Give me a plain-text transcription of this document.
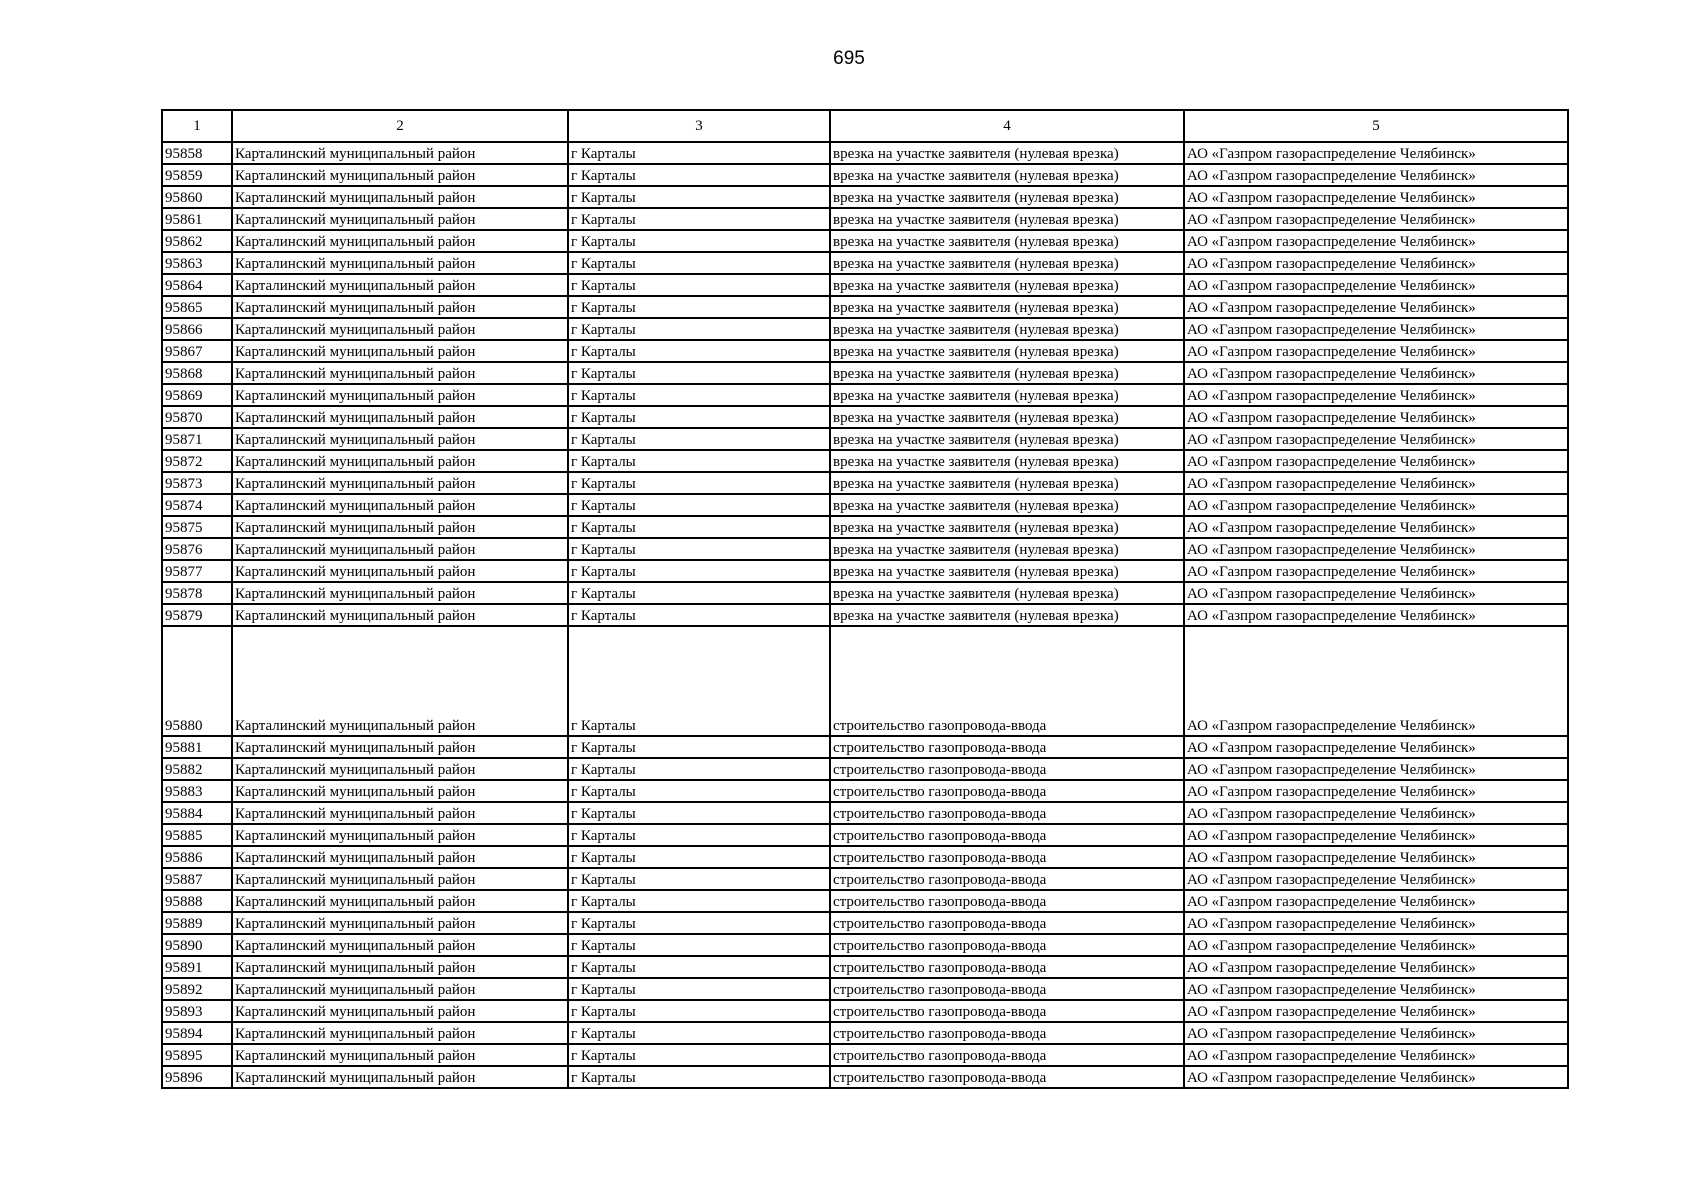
695
1	2	3	4	5
95858	Карталинский муниципальный район	г Карталы	врезка на участке заявителя (нулевая врезка)	АО «Газпром газораспределение Челябинск»
95859	Карталинский муниципальный район	г Карталы	врезка на участке заявителя (нулевая врезка)	АО «Газпром газораспределение Челябинск»
95860	Карталинский муниципальный район	г Карталы	врезка на участке заявителя (нулевая врезка)	АО «Газпром газораспределение Челябинск»
95861	Карталинский муниципальный район	г Карталы	врезка на участке заявителя (нулевая врезка)	АО «Газпром газораспределение Челябинск»
95862	Карталинский муниципальный район	г Карталы	врезка на участке заявителя (нулевая врезка)	АО «Газпром газораспределение Челябинск»
95863	Карталинский муниципальный район	г Карталы	врезка на участке заявителя (нулевая врезка)	АО «Газпром газораспределение Челябинск»
95864	Карталинский муниципальный район	г Карталы	врезка на участке заявителя (нулевая врезка)	АО «Газпром газораспределение Челябинск»
95865	Карталинский муниципальный район	г Карталы	врезка на участке заявителя (нулевая врезка)	АО «Газпром газораспределение Челябинск»
95866	Карталинский муниципальный район	г Карталы	врезка на участке заявителя (нулевая врезка)	АО «Газпром газораспределение Челябинск»
95867	Карталинский муниципальный район	г Карталы	врезка на участке заявителя (нулевая врезка)	АО «Газпром газораспределение Челябинск»
95868	Карталинский муниципальный район	г Карталы	врезка на участке заявителя (нулевая врезка)	АО «Газпром газораспределение Челябинск»
95869	Карталинский муниципальный район	г Карталы	врезка на участке заявителя (нулевая врезка)	АО «Газпром газораспределение Челябинск»
95870	Карталинский муниципальный район	г Карталы	врезка на участке заявителя (нулевая врезка)	АО «Газпром газораспределение Челябинск»
95871	Карталинский муниципальный район	г Карталы	врезка на участке заявителя (нулевая врезка)	АО «Газпром газораспределение Челябинск»
95872	Карталинский муниципальный район	г Карталы	врезка на участке заявителя (нулевая врезка)	АО «Газпром газораспределение Челябинск»
95873	Карталинский муниципальный район	г Карталы	врезка на участке заявителя (нулевая врезка)	АО «Газпром газораспределение Челябинск»
95874	Карталинский муниципальный район	г Карталы	врезка на участке заявителя (нулевая врезка)	АО «Газпром газораспределение Челябинск»
95875	Карталинский муниципальный район	г Карталы	врезка на участке заявителя (нулевая врезка)	АО «Газпром газораспределение Челябинск»
95876	Карталинский муниципальный район	г Карталы	врезка на участке заявителя (нулевая врезка)	АО «Газпром газораспределение Челябинск»
95877	Карталинский муниципальный район	г Карталы	врезка на участке заявителя (нулевая врезка)	АО «Газпром газораспределение Челябинск»
95878	Карталинский муниципальный район	г Карталы	врезка на участке заявителя (нулевая врезка)	АО «Газпром газораспределение Челябинск»
95879	Карталинский муниципальный район	г Карталы	врезка на участке заявителя (нулевая врезка)	АО «Газпром газораспределение Челябинск»
95880	Карталинский муниципальный район	г Карталы	строительство газопровода-ввода	АО «Газпром газораспределение Челябинск»
95881	Карталинский муниципальный район	г Карталы	строительство газопровода-ввода	АО «Газпром газораспределение Челябинск»
95882	Карталинский муниципальный район	г Карталы	строительство газопровода-ввода	АО «Газпром газораспределение Челябинск»
95883	Карталинский муниципальный район	г Карталы	строительство газопровода-ввода	АО «Газпром газораспределение Челябинск»
95884	Карталинский муниципальный район	г Карталы	строительство газопровода-ввода	АО «Газпром газораспределение Челябинск»
95885	Карталинский муниципальный район	г Карталы	строительство газопровода-ввода	АО «Газпром газораспределение Челябинск»
95886	Карталинский муниципальный район	г Карталы	строительство газопровода-ввода	АО «Газпром газораспределение Челябинск»
95887	Карталинский муниципальный район	г Карталы	строительство газопровода-ввода	АО «Газпром газораспределение Челябинск»
95888	Карталинский муниципальный район	г Карталы	строительство газопровода-ввода	АО «Газпром газораспределение Челябинск»
95889	Карталинский муниципальный район	г Карталы	строительство газопровода-ввода	АО «Газпром газораспределение Челябинск»
95890	Карталинский муниципальный район	г Карталы	строительство газопровода-ввода	АО «Газпром газораспределение Челябинск»
95891	Карталинский муниципальный район	г Карталы	строительство газопровода-ввода	АО «Газпром газораспределение Челябинск»
95892	Карталинский муниципальный район	г Карталы	строительство газопровода-ввода	АО «Газпром газораспределение Челябинск»
95893	Карталинский муниципальный район	г Карталы	строительство газопровода-ввода	АО «Газпром газораспределение Челябинск»
95894	Карталинский муниципальный район	г Карталы	строительство газопровода-ввода	АО «Газпром газораспределение Челябинск»
95895	Карталинский муниципальный район	г Карталы	строительство газопровода-ввода	АО «Газпром газораспределение Челябинск»
95896	Карталинский муниципальный район	г Карталы	строительство газопровода-ввода	АО «Газпром газораспределение Челябинск»
